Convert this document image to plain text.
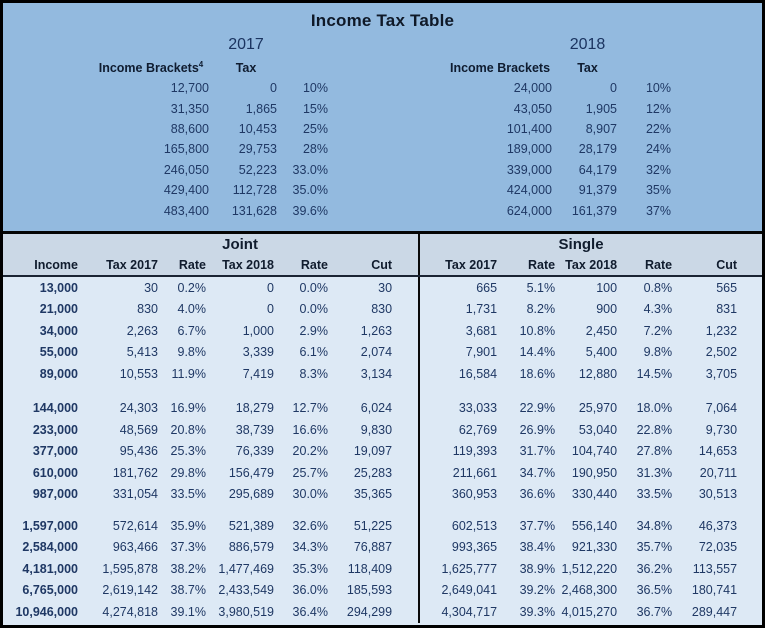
Income Tax Table
2017
Income Brackets$^4$	Tax
12,700	0	10%
31,350	1,865	15%
88,600	10,453	25%
165,800	29,753	28%
246,050	52,223	33.0%
429,400	112,728	35.0%
483,400	131,628	39.6%
2018
Income Brackets	Tax
24,000	0	10%
43,050	1,905	12%
101,400	8,907	22%
189,000	28,179	24%
339,000	64,179	32%
424,000	91,379	35%
624,000	161,379	37%
	Joint						Single					
Income	Tax 2017	Rate	Tax 2018	Rate	Cut		Tax 2017	Rate	Tax 2018	Rate	Cut	
13,000	30	0.2%	0	0.0%	30		665	5.1%	100	0.8%	565	
21,000	830	4.0%	0	0.0%	830		1,731	8.2%	900	4.3%	831	
34,000	2,263	6.7%	1,000	2.9%	1,263		3,681	10.8%	2,450	7.2%	1,232	
55,000	5,413	9.8%	3,339	6.1%	2,074		7,901	14.4%	5,400	9.8%	2,502	
89,000	10,553	11.9%	7,419	8.3%	3,134		16,584	18.6%	12,880	14.5%	3,705	

144,000	24,303	16.9%	18,279	12.7%	6,024		33,033	22.9%	25,970	18.0%	7,064	
233,000	48,569	20.8%	38,739	16.6%	9,830		62,769	26.9%	53,040	22.8%	9,730	
377,000	95,436	25.3%	76,339	20.2%	19,097		119,393	31.7%	104,740	27.8%	14,653	
610,000	181,762	29.8%	156,479	25.7%	25,283		211,661	34.7%	190,950	31.3%	20,711	
987,000	331,054	33.5%	295,689	30.0%	35,365		360,953	36.6%	330,440	33.5%	30,513	

1,597,000	572,614	35.9%	521,389	32.6%	51,225		602,513	37.7%	556,140	34.8%	46,373	
2,584,000	963,466	37.3%	886,579	34.3%	76,887		993,365	38.4%	921,330	35.7%	72,035	
4,181,000	1,595,878	38.2%	1,477,469	35.3%	118,409		1,625,777	38.9%	1,512,220	36.2%	113,557	
6,765,000	2,619,142	38.7%	2,433,549	36.0%	185,593		2,649,041	39.2%	2,468,300	36.5%	180,741	
10,946,000	4,274,818	39.1%	3,980,519	36.4%	294,299		4,304,717	39.3%	4,015,270	36.7%	289,447	
